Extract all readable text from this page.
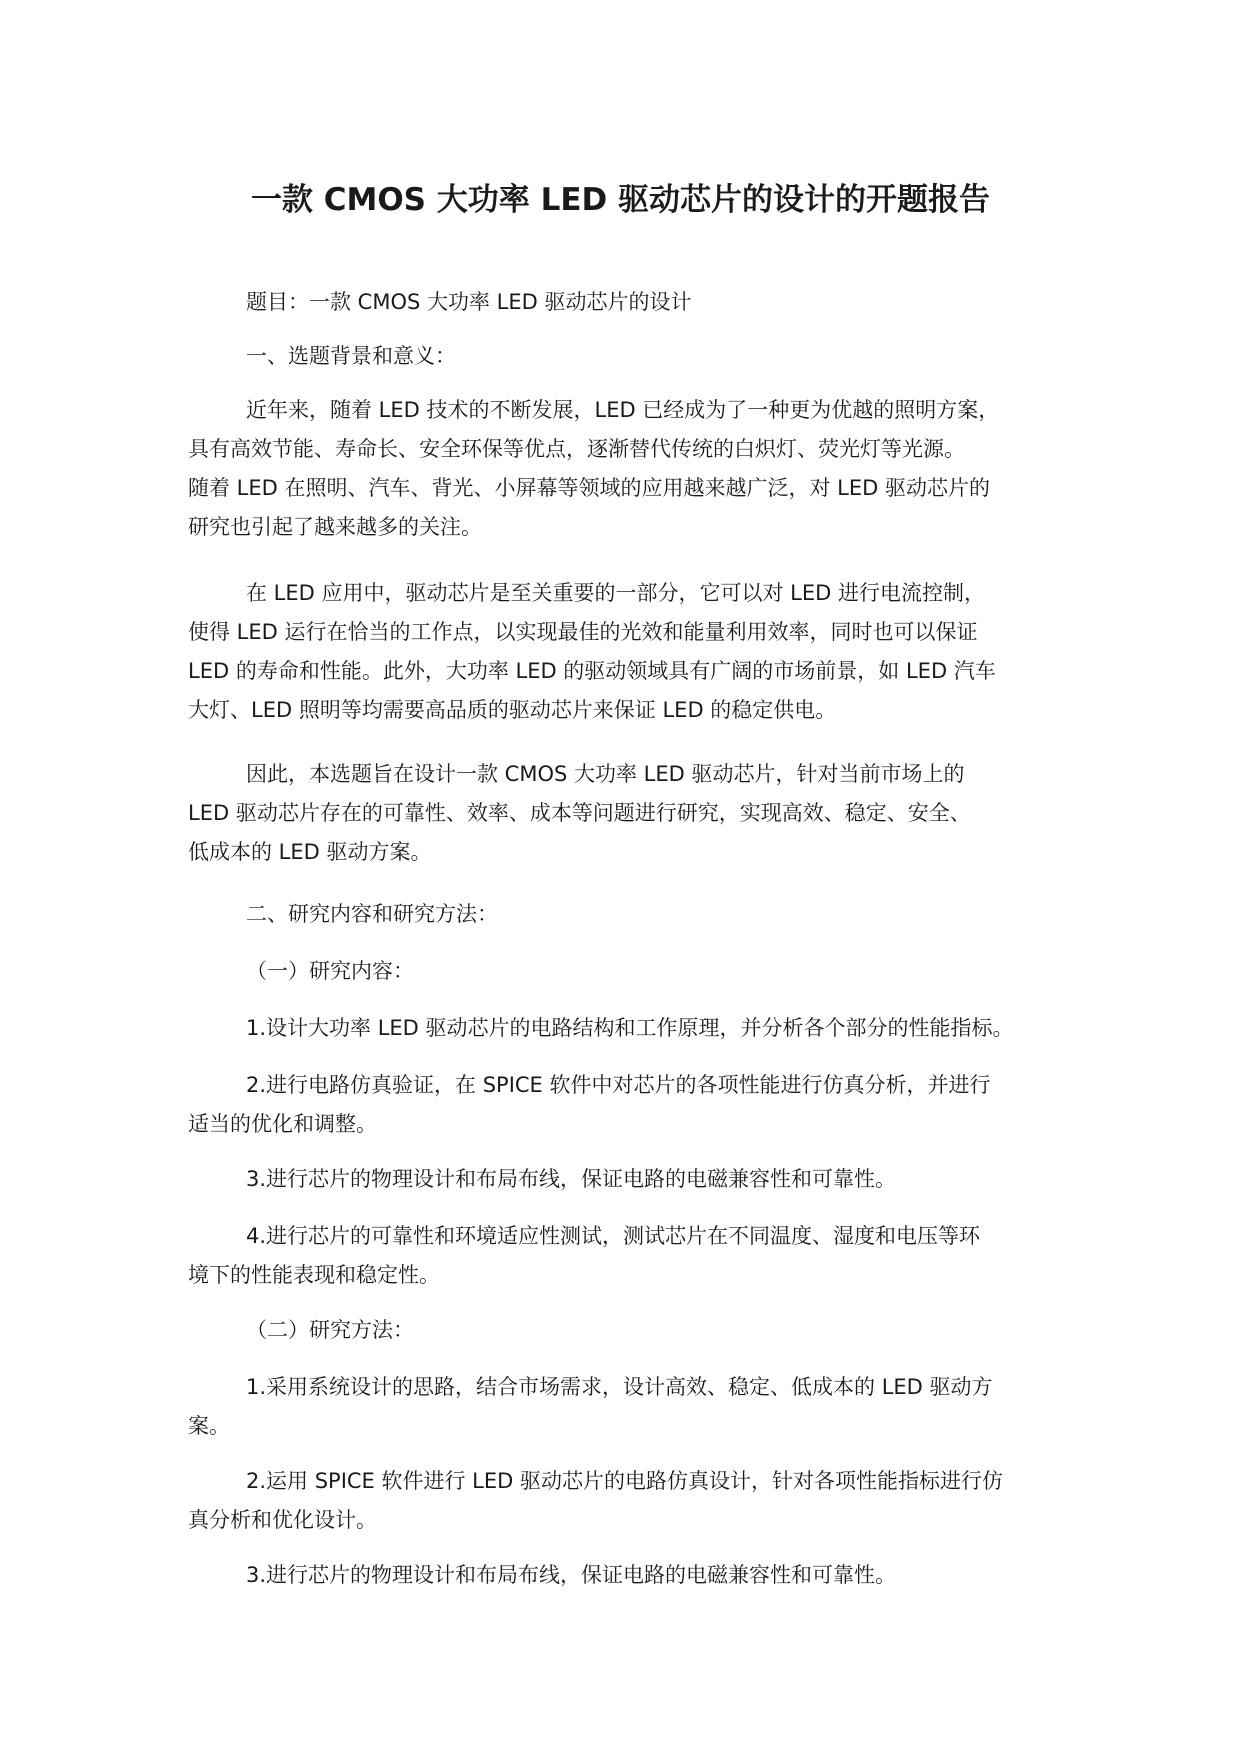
一款 CMOS 大功率 LED 驱动芯片的设计的开题报告
题目：一款 CMOS 大功率 LED 驱动芯片的设计
一、选题背景和意义：
近年来，随着 LED 技术的不断发展，LED 已经成为了一种更为优越的照明方案，
具有高效节能、寿命长、安全环保等优点，逐渐替代传统的白炽灯、荧光灯等光源。
随着 LED 在照明、汽车、背光、小屏幕等领域的应用越来越广泛，对 LED 驱动芯片的
研究也引起了越来越多的关注。
在 LED 应用中，驱动芯片是至关重要的一部分，它可以对 LED 进行电流控制，
使得 LED 运行在恰当的工作点，以实现最佳的光效和能量利用效率，同时也可以保证
LED 的寿命和性能。此外，大功率 LED 的驱动领域具有广阔的市场前景，如 LED 汽车
大灯、LED 照明等均需要高品质的驱动芯片来保证 LED 的稳定供电。
因此，本选题旨在设计一款 CMOS 大功率 LED 驱动芯片，针对当前市场上的
LED 驱动芯片存在的可靠性、效率、成本等问题进行研究，实现高效、稳定、安全、
低成本的 LED 驱动方案。
二、研究内容和研究方法：
（一）研究内容：
1.设计大功率 LED 驱动芯片的电路结构和工作原理，并分析各个部分的性能指标。
2.进行电路仿真验证，在 SPICE 软件中对芯片的各项性能进行仿真分析，并进行
适当的优化和调整。
3.进行芯片的物理设计和布局布线，保证电路的电磁兼容性和可靠性。
4.进行芯片的可靠性和环境适应性测试，测试芯片在不同温度、湿度和电压等环
境下的性能表现和稳定性。
（二）研究方法：
1.采用系统设计的思路，结合市场需求，设计高效、稳定、低成本的 LED 驱动方
案。
2.运用 SPICE 软件进行 LED 驱动芯片的电路仿真设计，针对各项性能指标进行仿
真分析和优化设计。
3.进行芯片的物理设计和布局布线，保证电路的电磁兼容性和可靠性。
